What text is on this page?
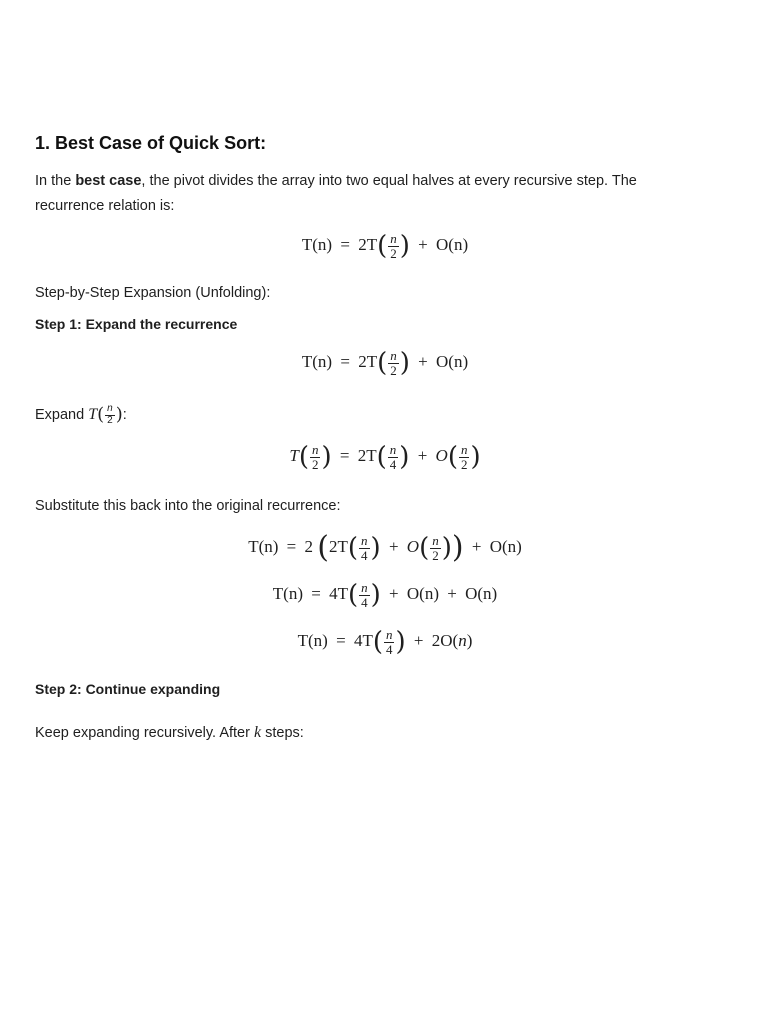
1. Best Case of Quick Sort:
In the best case, the pivot divides the array into two equal halves at every recursive step. The
recurrence relation is:
$T(n) = 2T( \frac{n}{2}$ ) + O(n)
Step-by-Step Expansion (Unfolding):
Step 1: Expand the recurrence
$T(n) = 2T( \frac{n}{2}$ ) + O(n)
Expand $T( \frac{n}{2}$ ):
$T( \frac{n}{2}$ ) = $2T( \frac{n}{4}$ ) + $O( \frac{n}{2}$ )
Substitute this back into the original recurrence:
T(n) = 2 ($2T( \frac{n}{4}$ ) + $O( \frac{n}{2}$ )) + O(n)
$T(n) = 4T( \frac{n}{4}$ ) + O(n) + O(n)
$T(n) = 4T( \frac{n}{4}$ ) + 2O(n)
Step 2: Continue expanding
Keep expanding recursively. After k steps:
